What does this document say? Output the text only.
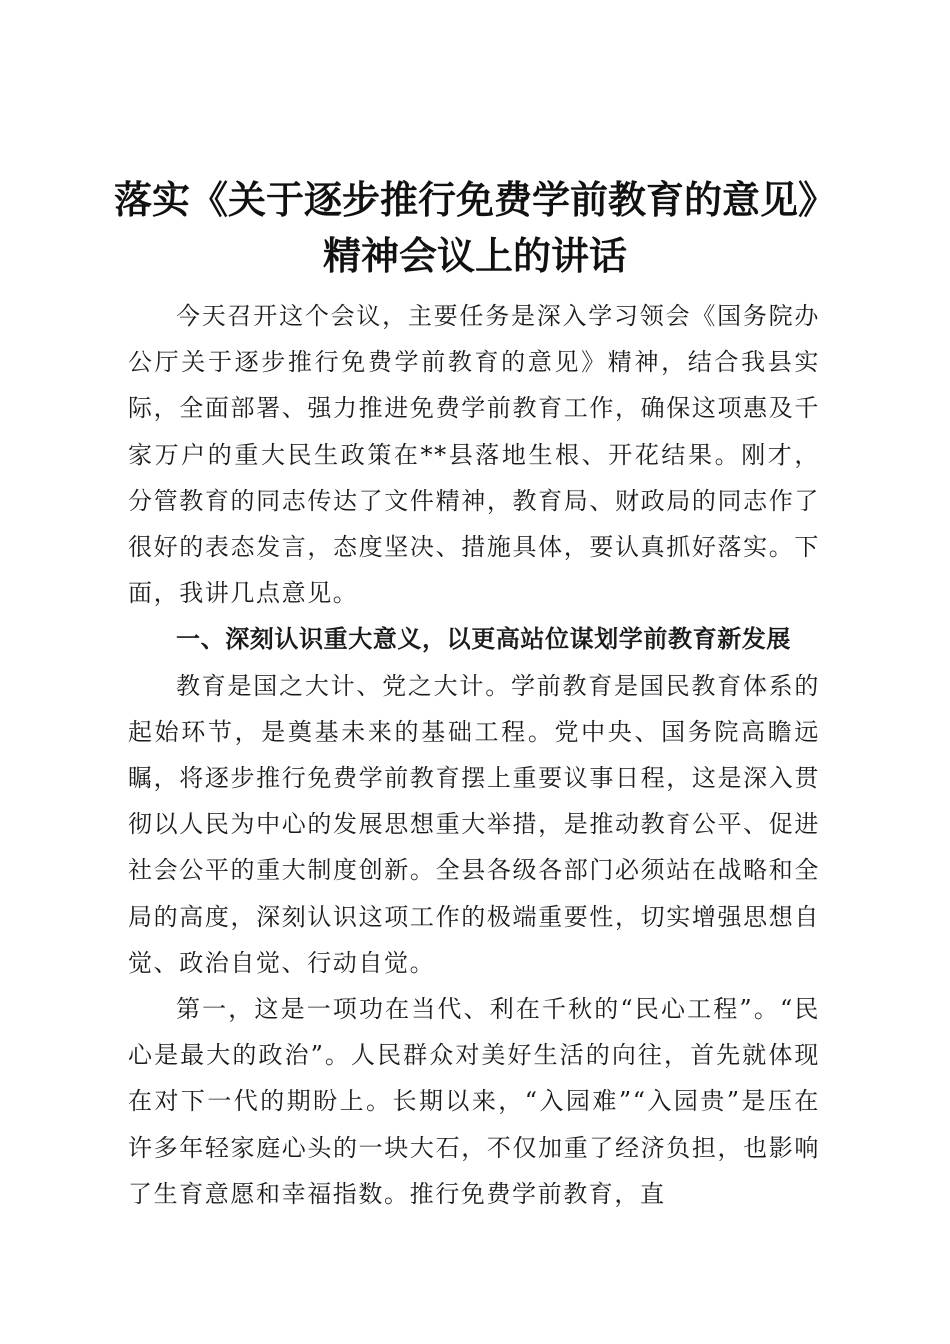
落实《关于逐步推行免费学前教育的意见》精神会议上的讲话

今天召开这个会议，主要任务是深入学习领会《国务院办公厅关于逐步推行免费学前教育的意见》精神，结合我县实际，全面部署、强力推进免费学前教育工作，确保这项惠及千家万户的重大民生政策在**县落地生根、开花结果。刚才，分管教育的同志传达了文件精神，教育局、财政局的同志作了很好的表态发言，态度坚决、措施具体，要认真抓好落实。下面，我讲几点意见。

一、深刻认识重大意义，以更高站位谋划学前教育新发展

教育是国之大计、党之大计。学前教育是国民教育体系的起始环节，是奠基未来的基础工程。党中央、国务院高瞻远瞩，将逐步推行免费学前教育摆上重要议事日程，这是深入贯彻以人民为中心的发展思想重大举措，是推动教育公平、促进社会公平的重大制度创新。全县各级各部门必须站在战略和全局的高度，深刻认识这项工作的极端重要性，切实增强思想自觉、政治自觉、行动自觉。

第一，这是一项功在当代、利在千秋的“民心工程”。“民心是最大的政治”。人民群众对美好生活的向往，首先就体现在对下一代的期盼上。长期以来，“入园难”“入园贵”是压在许多年轻家庭心头的一块大石，不仅加重了经济负担，也影响了生育意愿和幸福指数。推行免费学前教育，直
